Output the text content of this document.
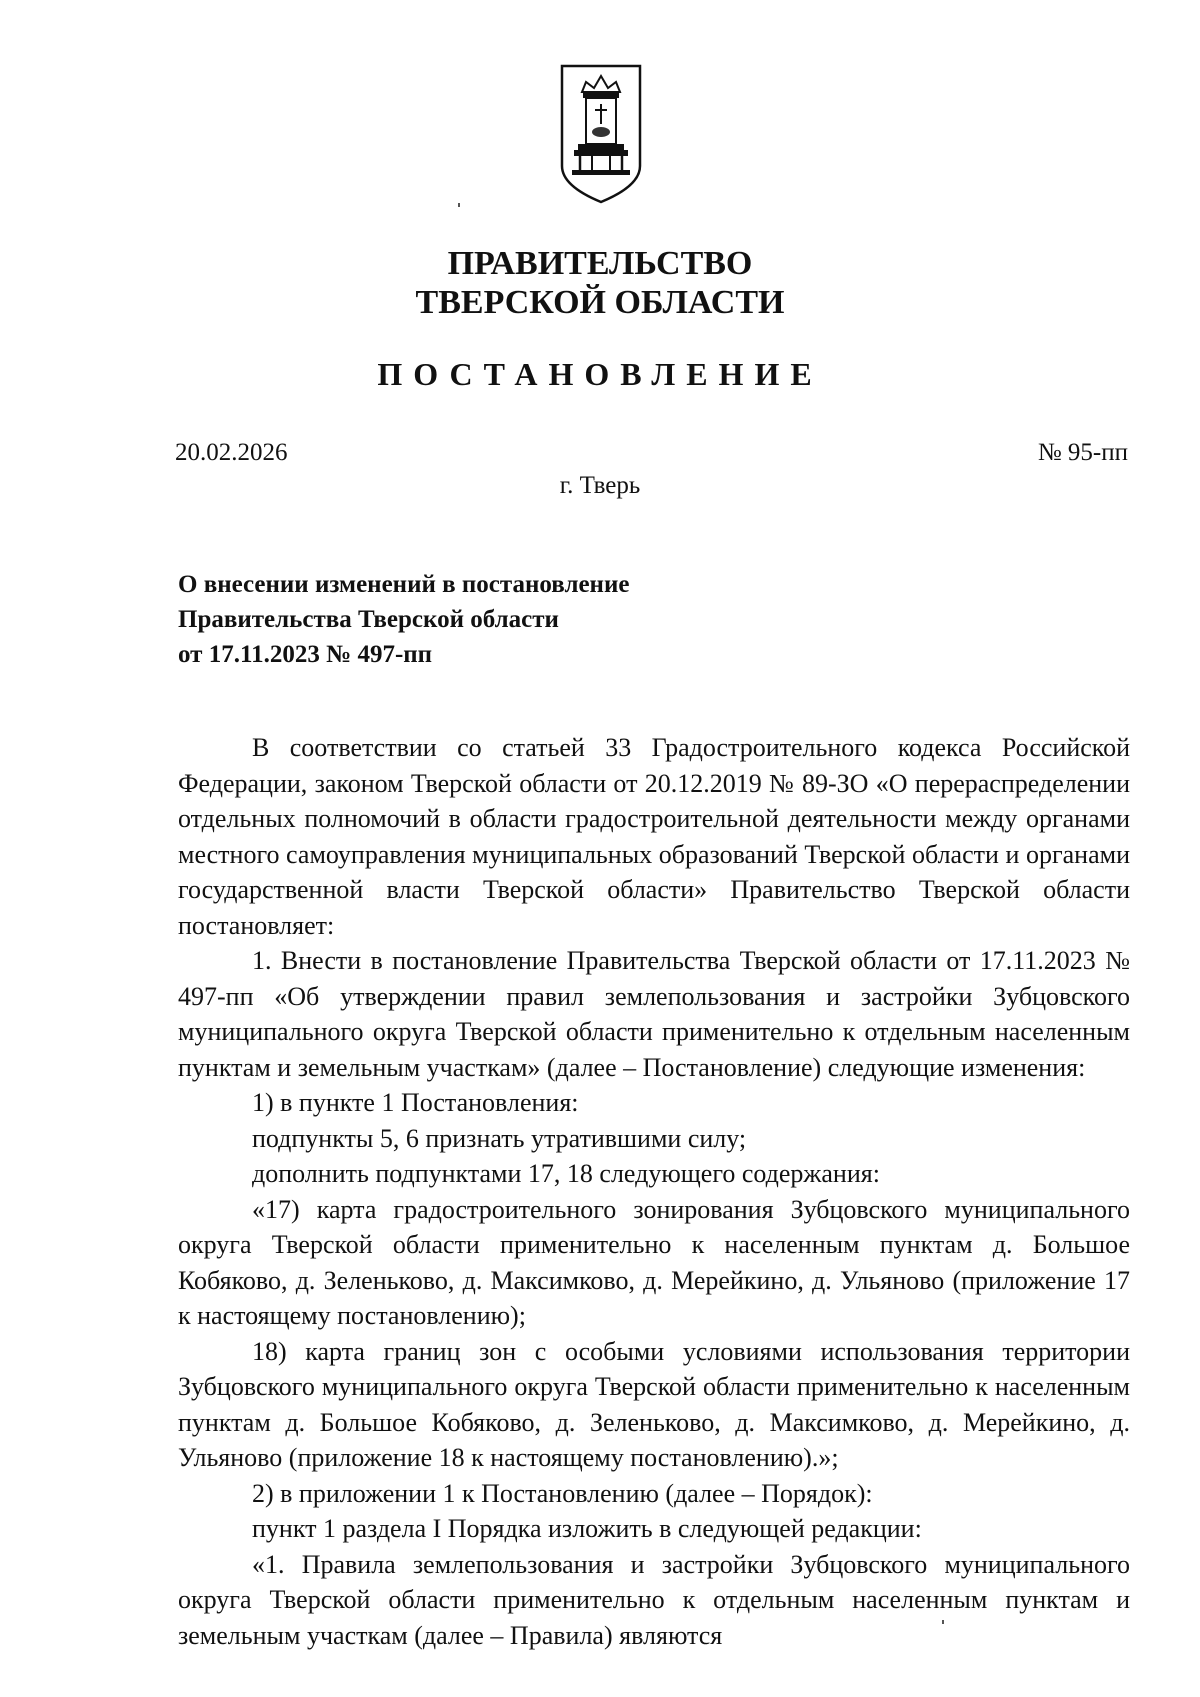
ПРАВИТЕЛЬСТВО
ТВЕРСКОЙ ОБЛАСТИ
ПОСТАНОВЛЕНИЕ
20.02.2026	№ 95-пп
г. Тверь
О внесении изменений в постановление
Правительства Тверской области
от 17.11.2023 № 497-пп

В соответствии со статьей 33 Градостроительного кодекса Российской Федерации, законом Тверской области от 20.12.2019 № 89-ЗО «О перераспределении отдельных полномочий в области градостроительной деятельности между органами местного самоуправления муниципальных образований Тверской области и органами государственной власти Тверской области» Правительство Тверской области постановляет:

1. Внести в постановление Правительства Тверской области от 17.11.2023 № 497-пп «Об утверждении правил землепользования и застройки Зубцовского муниципального округа Тверской области применительно к отдельным населенным пунктам и земельным участкам» (далее – Постановление) следующие изменения:

1) в пункте 1 Постановления:

подпункты 5, 6 признать утратившими силу;

дополнить подпунктами 17, 18 следующего содержания:

«17) карта градостроительного зонирования Зубцовского муниципального округа Тверской области применительно к населенным пунктам д. Большое Кобяково, д. Зеленьково, д. Максимково, д. Мерейкино, д. Ульяново (приложение 17 к настоящему постановлению);

18) карта границ зон с особыми условиями использования территории Зубцовского муниципального округа Тверской области применительно к населенным пунктам д. Большое Кобяково, д. Зеленьково, д. Максимково, д. Мерейкино, д. Ульяново (приложение 18 к настоящему постановлению).»;

2) в приложении 1 к Постановлению (далее – Порядок):

пункт 1 раздела I Порядка изложить в следующей редакции:

«1. Правила землепользования и застройки Зубцовского муниципального округа Тверской области применительно к отдельным населенным пунктам и земельным участкам (далее – Правила) являются
